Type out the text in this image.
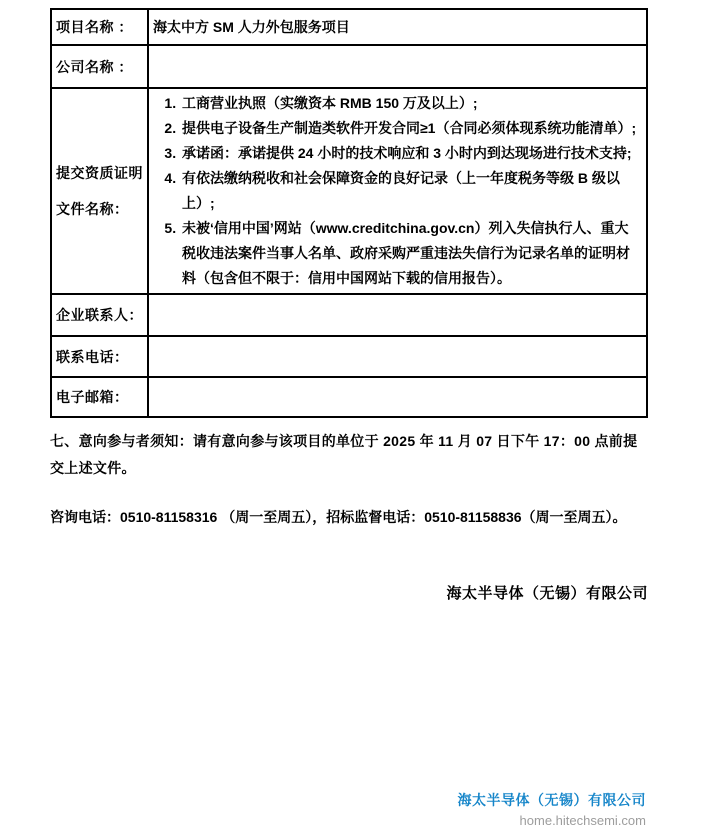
项目名称 ：	海太中方 SM 人力外包服务项目
公司名称 ：	

提交资质证明
文件名称：

1. 工商营业执照（实缴资本 RMB 150 万及以上）;
2. 提供电子设备生产制造类软件开发合同≥1（合同必须体现系统功能清单）;
3. 承诺函：承诺提供 24 小时的技术响应和 3 小时内到达现场进行技术支持;
4. 有依法缴纳税收和社会保障资金的良好记录（上一年度税务等级 B 级以上）;
5. 未被‘信用中国’网站（www.creditchina.gov.cn）列入失信执行人、重大税收违法案件当事人名单、政府采购严重违法失信行为记录名单的证明材料（包含但不限于：信用中国网站下载的信用报告）。

企业联系人：	
联系电话：	
电子邮箱：	

七、意向参与者须知：请有意向参与该项目的单位于 2025 年 11 月 07 日下午 17：00 点前提交上述文件。

咨询电话：0510-81158316 （周一至周五），招标监督电话：0510-81158836（周一至周五）。

海太半导体（无锡）有限公司

海太半导体（无锡）有限公司
home.hitechsemi.com
